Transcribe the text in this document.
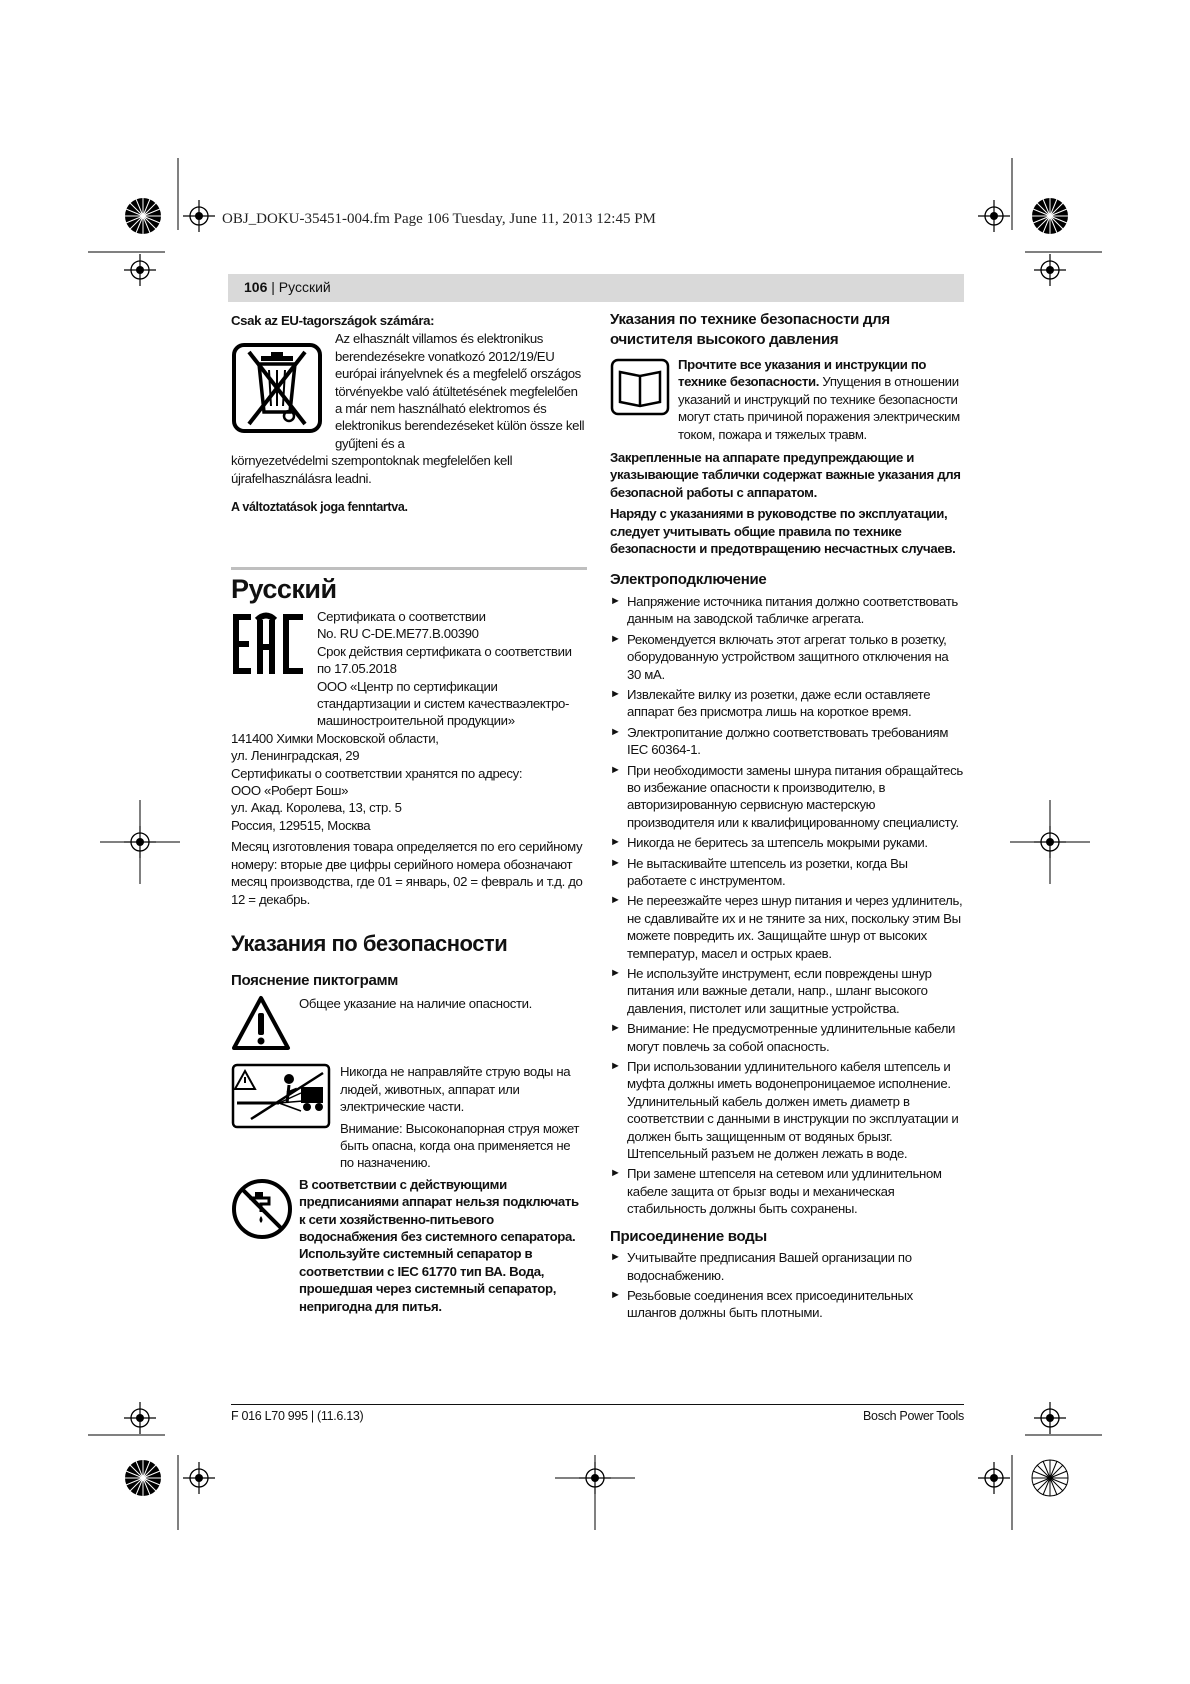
OBJ_DOKU-35451-004.fm Page 106 Tuesday, June 11, 2013 12:45 PM
106 | Русский

Csak az EU-tagországok számára:

Az elhasznált villamos és elektronikus berendezésekre vonatkozó 2012/19/EU európai irányelvnek és a megfelelő országos törvényekbe való átültetésének megfelelően a már nem használható elektromos és elektronikus berendezéseket külön össze kell gyűjteni és a

környezetvédelmi szempontoknak megfelelően kell újrafelhasználásra leadni.

A változtatások joga fenntartva.

Русский

Сертификата о соответствии

No. RU C-DE.ME77.B.00390

Срок действия сертификата о соответствии

по 17.05.2018

ООО «Центр по сертификации

стандартизации и систем качестваэлектро-

машиностроительной продукции»

141400 Химки Московской области,

ул. Ленинградская, 29

Сертификаты о соответствии хранятся по адресу:

ООО «Роберт Бош»

ул. Акад. Королева, 13, стр. 5

Россия, 129515, Москва

Месяц изготовления товара определяется по его серийному номеру: вторые две цифры серийного номера обозначают месяц производства, где 01 = январь, 02 = февраль и т.д. до 12 = декабрь.

Указания по безопасности
Пояснение пиктограмм

Общее указание на наличие опасности.

Никогда не направляйте струю воды на людей, животных, аппарат или электрические части.

Внимание: Высоконапорная струя может быть опасна, когда она применяется не по назначению.

В соответствии с действующими предписаниями аппарат нельзя подключать к сети хозяйственно-питьевого водоснабжения без системного сепаратора. Используйте системный сепаратор в соответствии с IEC 61770 тип ВА. Вода, прошедшая через системный сепаратор, непригодна для питья.

Указания по технике безопасности для очистителя высокого давления

Прочтите все указания и инструкции по технике безопасности. Упущения в отношении указаний и инструкций по технике безопасности могут стать причиной поражения электрическим током, пожара и тяжелых травм.

Закрепленные на аппарате предупреждающие и указывающие таблички содержат важные указания для безопасной работы с аппаратом.

Наряду с указаниями в руководстве по эксплуатации, следует учитывать общие правила по технике безопасности и предотвращению несчастных случаев.

Электроподключение
► Напряжение источника питания должно соответствовать данным на заводской табличке агрегата.
► Рекомендуется включать этот агрегат только в розетку, оборудованную устройством защитного отключения на 30 мА.
► Извлекайте вилку из розетки, даже если оставляете аппарат без присмотра лишь на короткое время.
► Электропитание должно соответствовать требованиям IEC 60364-1.
► При необходимости замены шнура питания обращайтесь во избежание опасности к производителю, в авторизированную сервисную мастерскую производителя или к квалифицированному специалисту.
► Никогда не беритесь за штепсель мокрыми руками.
► Не вытаскивайте штепсель из розетки, когда Вы работаете с инструментом.
► Не переезжайте через шнур питания и через удлинитель, не сдавливайте их и не тяните за них, поскольку этим Вы можете повредить их. Защищайте шнур от высоких температур, масел и острых краев.
► Не используйте инструмент, если повреждены шнур питания или важные детали, напр., шланг высокого давления, пистолет или защитные устройства.
► Внимание: Не предусмотренные удлинительные кабели могут повлечь за собой опасность.
► При использовании удлинительного кабеля штепсель и муфта должны иметь водонепроницаемое исполнение. Удлинительный кабель должен иметь диаметр в соответствии с данными в инструкции по эксплуатации и должен быть защищенным от водяных брызг. Штепсельный разъем не должен лежать в воде.
► При замене штепселя на сетевом или удлинительном кабеле защита от брызг воды и механическая стабильность должны быть сохранены.
Присоединение воды
► Учитывайте предписания Вашей организации по водоснабжению.
► Резьбовые соединения всех присоединительных шлангов должны быть плотными.
F 016 L70 995 | (11.6.13)	Bosch Power Tools
